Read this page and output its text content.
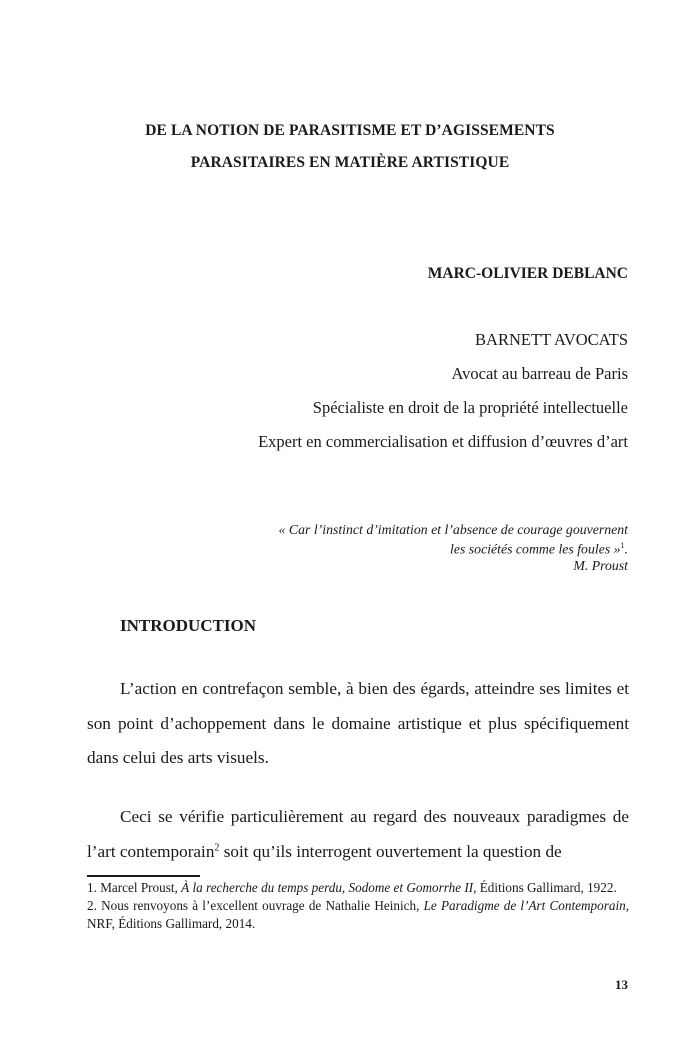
DE LA NOTION DE PARASITISME ET D’AGISSEMENTS
PARASITAIRES EN MATIÈRE ARTISTIQUE
MARC-OLIVIER DEBLANC
BARNETT AVOCATS
Avocat au barreau de Paris
Spécialiste en droit de la propriété intellectuelle
Expert en commercialisation et diffusion d’œuvres d’art
« Car l’instinct d’imitation et l’absence de courage gouvernent
les sociétés comme les foules »$^1$.
M. Proust
INTRODUCTION

L’action en contrefaçon semble, à bien des égards, atteindre ses limites et son point d’achoppement dans le domaine artistique et plus spécifiquement dans celui des arts visuels.

Ceci se vérifie particulièrement au regard des nouveaux paradigmes de l’art contemporain$^2$ soit qu’ils interrogent ouvertement la question de

1. Marcel Proust, À la recherche du temps perdu, Sodome et Gomorrhe II, Éditions Gallimard, 1922.

2. Nous renvoyons à l’excellent ouvrage de Nathalie Heinich, Le Paradigme de l’Art Contemporain, NRF, Éditions Gallimard, 2014.

13
